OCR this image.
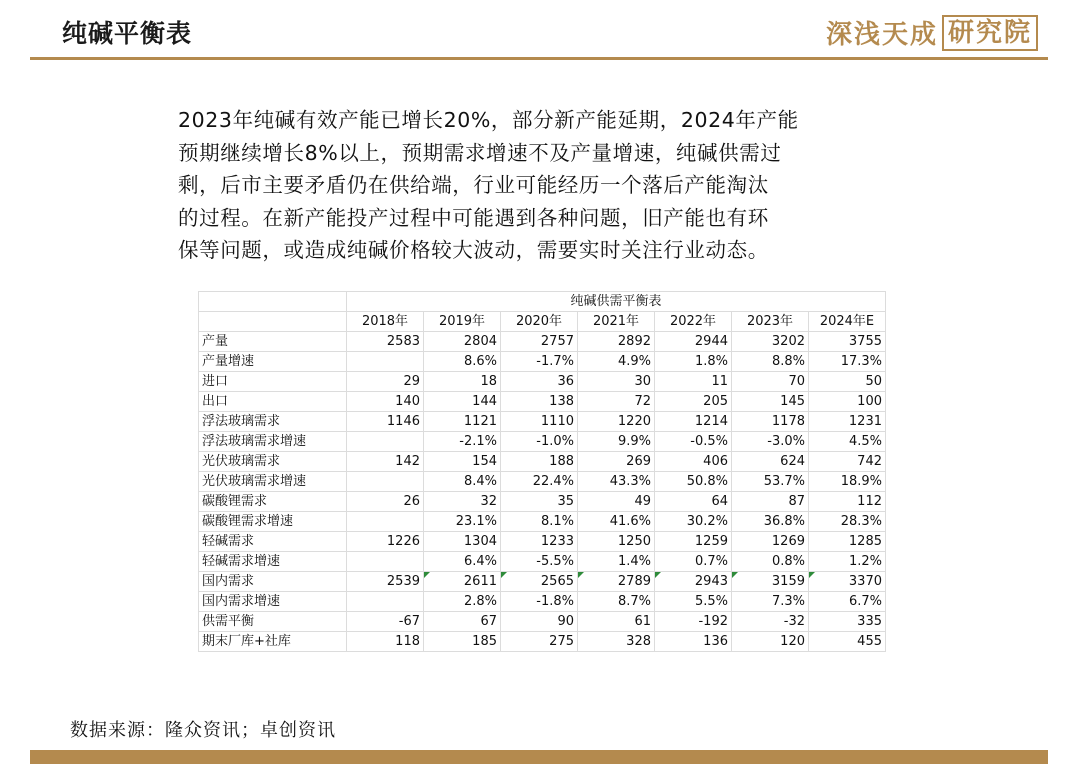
纯碱平衡表	深浅天成 研究院
2023年纯碱有效产能已增长20%，部分新产能延期，2024年产能
预期继续增长8%以上，预期需求增速不及产量增速，纯碱供需过
剩，后市主要矛盾仍在供给端，行业可能经历一个落后产能淘汰
的过程。在新产能投产过程中可能遇到各种问题，旧产能也有环
保等问题，或造成纯碱价格较大波动，需要实时关注行业动态。
	纯碱供需平衡表						
	2018年	2019年	2020年	2021年	2022年	2023年	2024年E
产量	2583	2804	2757	2892	2944	3202	3755
产量增速		8.6%	-1.7%	4.9%	1.8%	8.8%	17.3%
进口	29	18	36	30	11	70	50
出口	140	144	138	72	205	145	100
浮法玻璃需求	1146	1121	1110	1220	1214	1178	1231
浮法玻璃需求增速		-2.1%	-1.0%	9.9%	-0.5%	-3.0%	4.5%
光伏玻璃需求	142	154	188	269	406	624	742
光伏玻璃需求增速		8.4%	22.4%	43.3%	50.8%	53.7%	18.9%
碳酸锂需求	26	32	35	49	64	87	112
碳酸锂需求增速		23.1%	8.1%	41.6%	30.2%	36.8%	28.3%
轻碱需求	1226	1304	1233	1250	1259	1269	1285
轻碱需求增速		6.4%	-5.5%	1.4%	0.7%	0.8%	1.2%
国内需求	2539	2611	2565	2789	2943	3159	3370

国内需求增速		2.8%	-1.8%	8.7%	5.5%	7.3%	6.7%
供需平衡	-67	67	90	61	-192	-32	335
期末厂库+社库	118	185	275	328	136	120	455
数据来源：隆众资讯；卓创资讯
